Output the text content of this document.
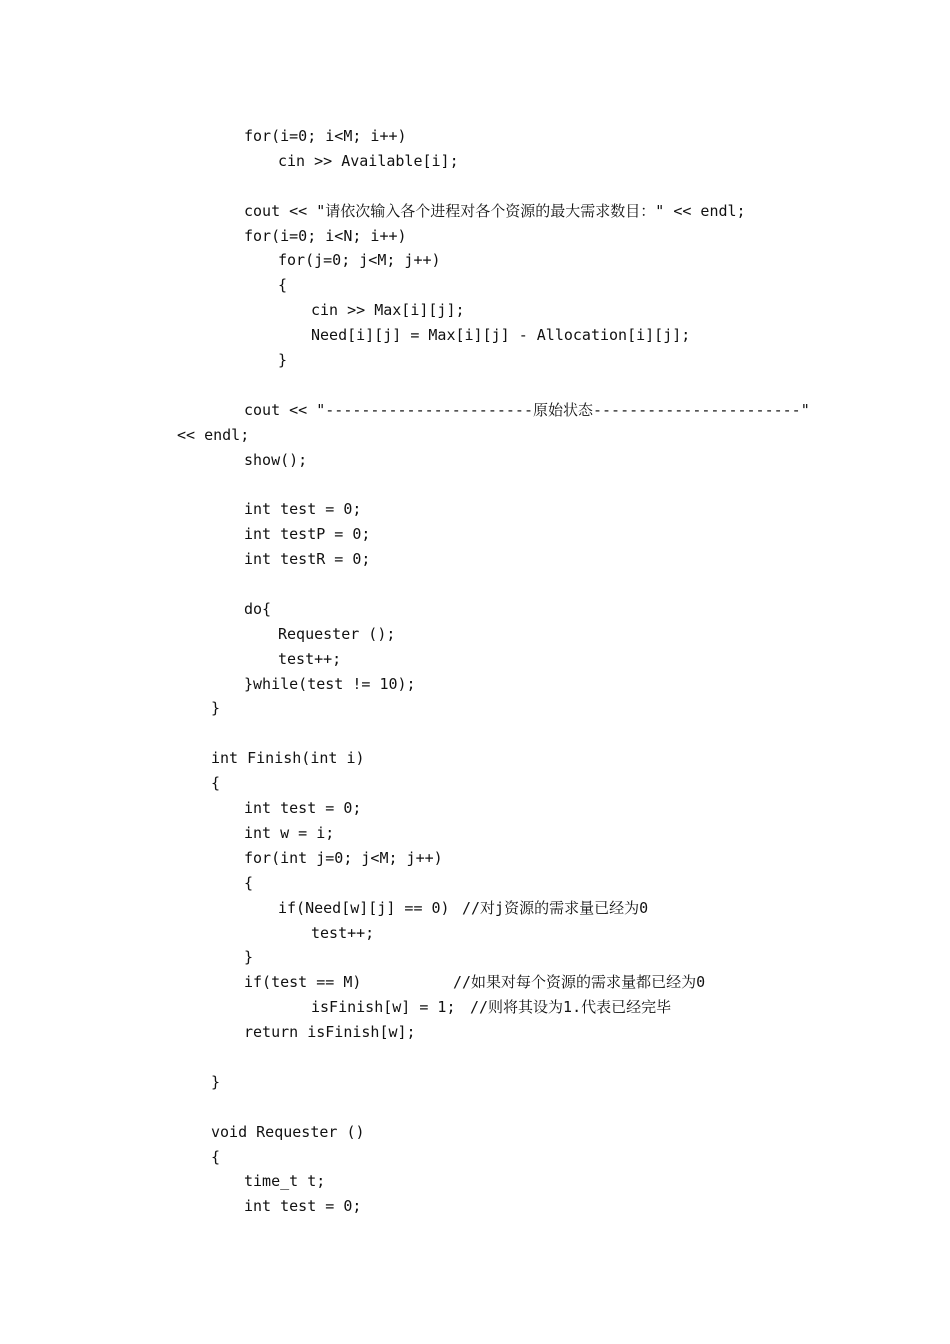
for(i=0; i<M; i++)
cin >> Available[i];
cout << "请依次输入各个进程对各个资源的最大需求数目：" << endl;
for(i=0; i<N; i++)
for(j=0; j<M; j++)
{
cin >> Max[i][j];
Need[i][j] = Max[i][j] - Allocation[i][j];
}
cout << "-----------------------原始状态-----------------------"
<< endl;
show();
int test = 0;
int testP = 0;
int testR = 0;
do{
Requester ();
test++;
}while(test != 10);
}
int Finish(int i)
{
int test = 0;
int w = i;
for(int j=0; j<M; j++)
{

if(Need[w][j] == 0)

//对j资源的需求量已经为0

test++;
}

if(test == M)

	//如果对每个资源的需求量都已经为0

isFinish[w] = 1;

//则将其设为1.代表已经完毕

return isFinish[w];
}
void Requester ()
{
time_t t;
int test = 0;
